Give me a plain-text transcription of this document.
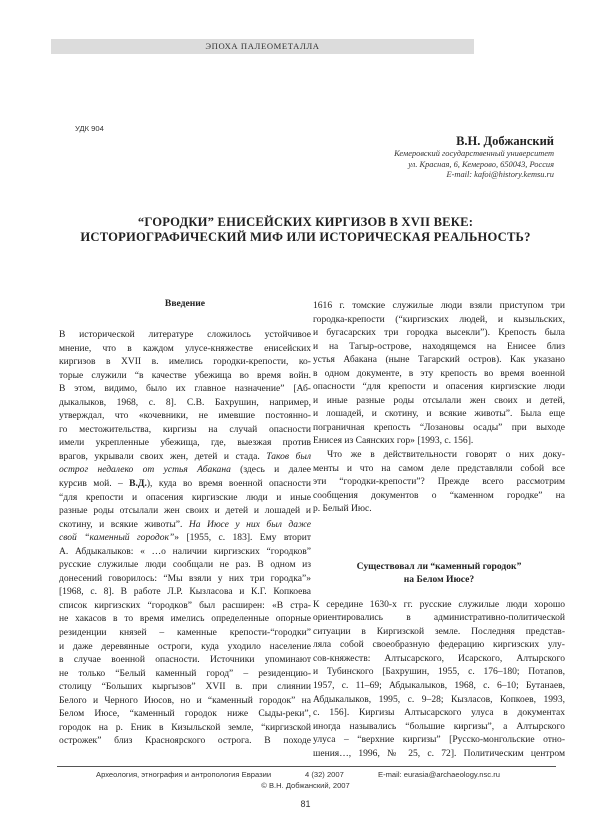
ЭПОХА ПАЛЕОМЕТАЛЛА
УДК 904
В.Н. Добжанский
Кемеровский государственный университет
ул. Красная, 6, Кемерово, 650043, Россия
E-mail: kafoi@history.kemsu.ru
“ГОРОДКИ” ЕНИСЕЙСКИХ КИРГИЗОВ В XVII ВЕКЕ:
ИСТОРИОГРАФИЧЕСКИЙ МИФ ИЛИ ИСТОРИЧЕСКАЯ РЕАЛЬНОСТЬ?
Введение
В исторической литературе сложилось устойчивое
мнение, что в каждом улусе-княжестве енисейских
киргизов в XVII в. имелись городки-крепости, ко-
торые служили “в качестве убежища во время войн.
В этом, видимо, было их главное назначение” [Аб-
дыкалыков, 1968, с. 8]. С.В. Бахрушин, например,
утверждал, что «кочевники, не имевшие постоянно-
го местожительства, киргизы на случай опасности
имели укрепленные убежища, где, выезжая против
врагов, укрывали своих жен, детей и стада. Таков был
острог недалеко от устья Абакана (здесь и далее
курсив мой. – В.Д.), куда во время военной опасности
“для крепости и опасения киргизские люди и иные
разные роды отсылали жен своих и детей и лошадей и
скотину, и всякие животы”. На Июсе у них был даже
свой “каменный городок”» [1955, с. 183]. Ему вторит
А. Абдыкалыков: « …о наличии киргизских “городков”
русские служилые люди сообщали не раз. В одном из
донесений говорилось: “Мы взяли у них три городка”»
[1968, с. 8]. В работе Л.Р. Кызласова и К.Г. Копкоева
список киргизских “городков” был расширен: «В стра-
не хакасов в то время имелись определенные опорные
резиденции князей – каменные крепости-“городки”
и даже деревянные остроги, куда уходило население
в случае военной опасности. Источники упоминают
не только “Белый каменный город” – резиденцию-
столицу “Больших кыргызов” XVII в. при слиянии
Белого и Черного Июсов, но и “каменный городок” на
Белом Июсе, “каменный городок ниже Сыды-реки”,
городок на р. Еник в Кизыльской земле, “киргизской
острожек” близ Красноярского острога. В походе
1616 г. томские служилые люди взяли приступом три
городка-крепости (“киргизских людей, и кызыльских,
и бугасарских три городка высекли”). Крепость была
и на Тагыр-острове, находящемся на Енисее близ
устья Абакана (ныне Тагарский остров). Как указано
в одном документе, в эту крепость во время военной
опасности “для крепости и опасения киргизские люди
и иные разные роды отсылали жен своих и детей,
и лошадей, и скотину, и всякие животы”. Была еще
пограничная крепость “Лозановы осады” при выходе
Енисея из Саянских гор» [1993, с. 156].
Что же в действительности говорят о них доку-
менты и что на самом деле представляли собой все
эти “городки-крепости”? Прежде всего рассмотрим
сообщения документов о “каменном городке” на
р. Белый Июс.
Существовал ли “каменный городок”
на Белом Июсе?
К середине 1630-х гг. русские служилые люди хорошо
ориентировались в административно-политической
ситуации в Киргизской земле. Последняя представ-
ляла собой своеобразную федерацию киргизских улу-
сов-княжеств: Алтысарского, Исарского, Алтырского
и Тубинского [Бахрушин, 1955, с. 176–180; Потапов,
1957, с. 11–69; Абдыкалыков, 1968, с. 6–10; Бутанаев,
Абдыкалыков, 1995, с. 9–28; Кызласов, Копкоев, 1993,
с. 156]. Киргизы Алтысарского улуса в документах
иногда назывались “большие киргизы”, а Алтырского
улуса – “верхние киргизы” [Русско-монгольские отно-
шения…, 1996, № 25, с. 72]. Политическим центром
Археология, этнография и антропология Евразии	4 (32) 2007	E-mail: eurasia@archaeology.nsc.ru
© В.Н. Добжанский, 2007
81
